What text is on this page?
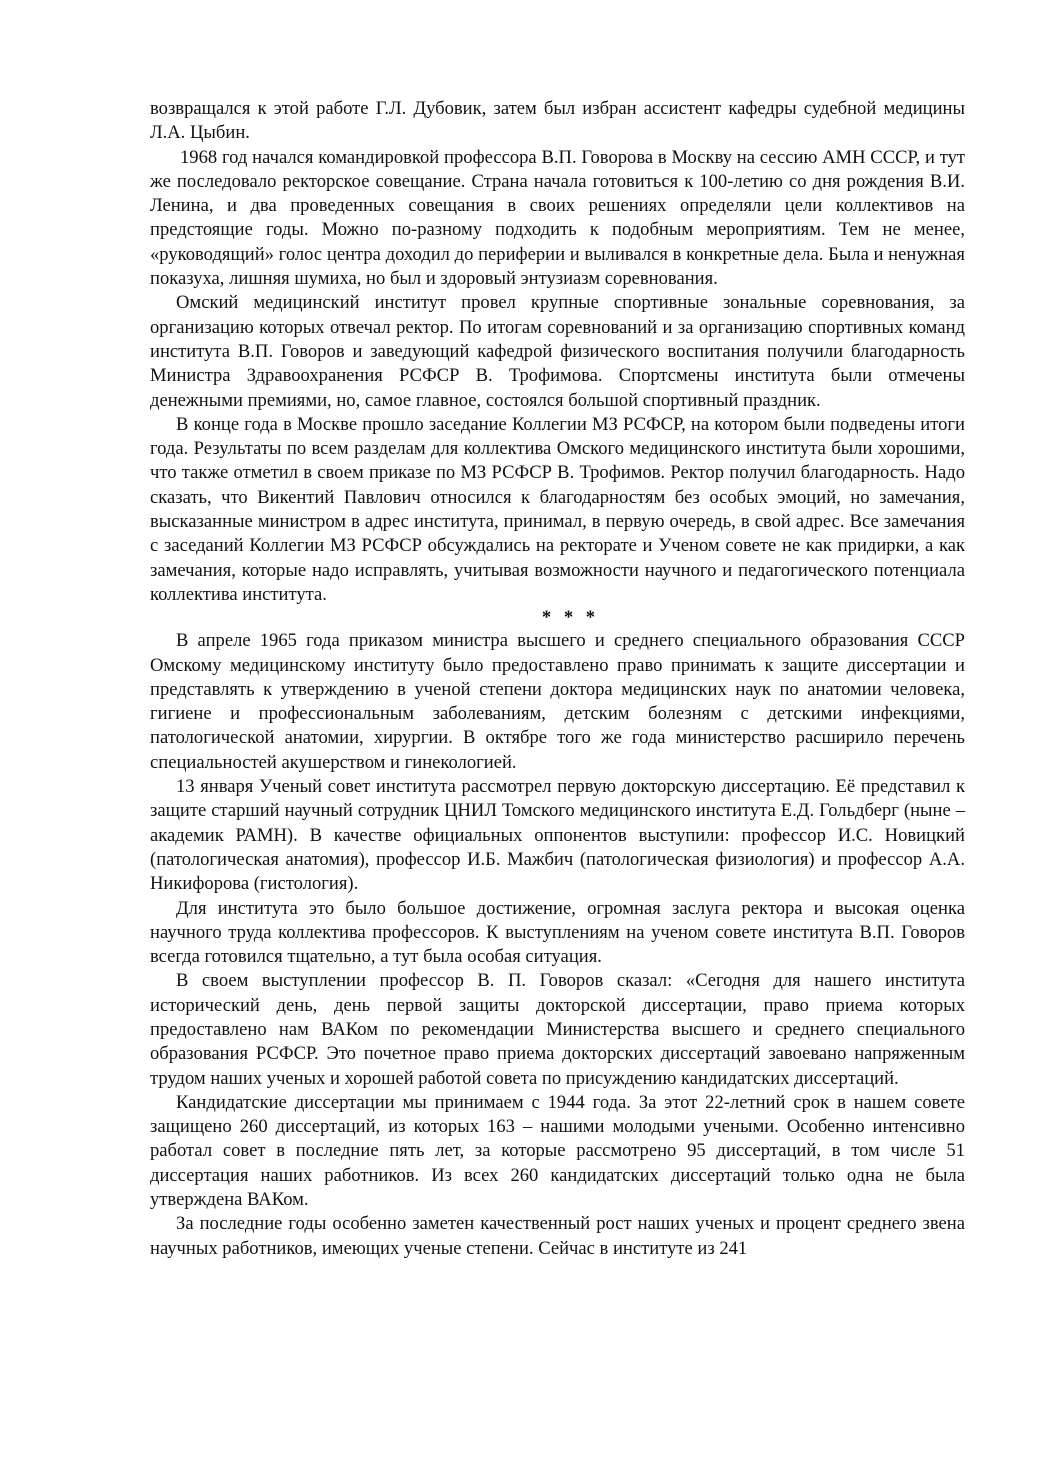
возвращался к этой работе Г.Л. Дубовик, затем был избран ассистент кафедры судебной медицины Л.А. Цыбин.

1968 год начался командировкой профессора В.П. Говорова в Москву на сессию АМН СССР, и тут же последовало ректорское совещание. Страна начала готовиться к 100-летию со дня рождения В.И. Ленина, и два проведенных совещания в своих решениях определяли цели коллективов на предстоящие годы. Можно по-разному подходить к подобным мероприятиям. Тем не менее, «руководящий» голос центра доходил до периферии и выливался в конкретные дела. Была и ненужная показуха, лишняя шумиха, но был и здоровый энтузиазм соревнования.

Омский медицинский институт провел крупные спортивные зональные соревнования, за организацию которых отвечал ректор. По итогам соревнований и за организацию спортивных команд института В.П. Говоров и заведующий кафедрой физического воспитания получили благодарность Министра Здравоохранения РСФСР В. Трофимова. Спортсмены института были отмечены денежными премиями, но, самое главное, состоялся большой спортивный праздник.

В конце года в Москве прошло заседание Коллегии МЗ РСФСР, на котором были подведены итоги года. Результаты по всем разделам для коллектива Омского медицинского института были хорошими, что также отметил в своем приказе по МЗ РСФСР В. Трофимов. Ректор получил благодарность. Надо сказать, что Викентий Павлович относился к благодарностям без особых эмоций, но замечания, высказанные министром в адрес института, принимал, в первую очередь, в свой адрес. Все замечания с заседаний Коллегии МЗ РСФСР обсуждались на ректорате и Ученом совете не как придирки, а как замечания, которые надо исправлять, учитывая возможности научного и педагогического потенциала коллектива института.

* * *

В апреле 1965 года приказом министра высшего и среднего специального образования СССР Омскому медицинскому институту было предоставлено право принимать к защите диссертации и представлять к утверждению в ученой степени доктора медицинских наук по анатомии человека, гигиене и профессиональным заболеваниям, детским болезням с детскими инфекциями, патологической анатомии, хирургии. В октябре того же года министерство расширило перечень специальностей акушерством и гинекологией.

13 января Ученый совет института рассмотрел первую докторскую диссертацию. Её представил к защите старший научный сотрудник ЦНИЛ Томского медицинского института Е.Д. Гольдберг (ныне – академик РАМН). В качестве официальных оппонентов выступили: профессор И.С. Новицкий (патологическая анатомия), профессор И.Б. Мажбич (патологическая физиология) и профессор А.А. Никифорова (гистология).

Для института это было большое достижение, огромная заслуга ректора и высокая оценка научного труда коллектива профессоров. К выступлениям на ученом совете института В.П. Говоров всегда готовился тщательно, а тут была особая ситуация.

В своем выступлении профессор В. П. Говоров сказал: «Сегодня для нашего института исторический день, день первой защиты докторской диссертации, право приема которых предоставлено нам ВАКом по рекомендации Министерства высшего и среднего специального образования РСФСР. Это почетное право приема докторских диссертаций завоевано напряженным трудом наших ученых и хорошей работой совета по присуждению кандидатских диссертаций.

Кандидатские диссертации мы принимаем с 1944 года. За этот 22-летний срок в нашем совете защищено 260 диссертаций, из которых 163 – нашими молодыми учеными. Особенно интенсивно работал совет в последние пять лет, за которые рассмотрено 95 диссертаций, в том числе 51 диссертация наших работников. Из всех 260 кандидатских диссертаций только одна не была утверждена ВАКом.

За последние годы особенно заметен качественный рост наших ученых и процент среднего звена научных работников, имеющих ученые степени. Сейчас в институте из 241
